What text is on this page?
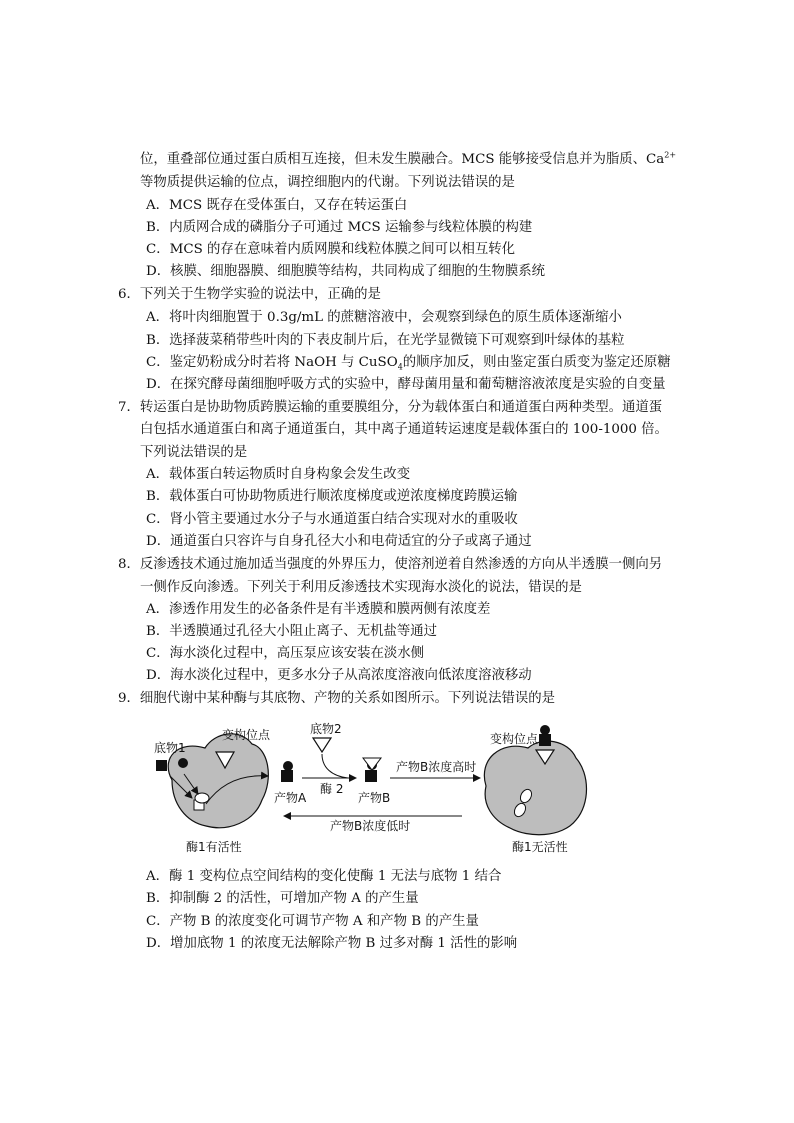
位，重叠部位通过蛋白质相互连接，但未发生膜融合。MCS 能够接受信息并为脂质、$Ca^{2+}$
等物质提供运输的位点，调控细胞内的代谢。下列说法错误的是
A．MCS 既存在受体蛋白，又存在转运蛋白
B．内质网合成的磷脂分子可通过 MCS 运输参与线粒体膜的构建
C．MCS 的存在意味着内质网膜和线粒体膜之间可以相互转化
D．核膜、细胞器膜、细胞膜等结构，共同构成了细胞的生物膜系统
6．下列关于生物学实验的说法中，正确的是
A．将叶肉细胞置于 0.3g/mL 的蔗糖溶液中，会观察到绿色的原生质体逐渐缩小
B．选择菠菜稍带些叶肉的下表皮制片后，在光学显微镜下可观察到叶绿体的基粒
C．鉴定奶粉成分时若将 NaOH 与 CuSO$_4$的顺序加反，则由鉴定蛋白质变为鉴定还原糖
D．在探究酵母菌细胞呼吸方式的实验中，酵母菌用量和葡萄糖溶液浓度是实验的自变量
7．转运蛋白是协助物质跨膜运输的重要膜组分，分为载体蛋白和通道蛋白两种类型。通道蛋
白包括水通道蛋白和离子通道蛋白，其中离子通道转运速度是载体蛋白的 100-1000 倍。
下列说法错误的是
A．载体蛋白转运物质时自身构象会发生改变
B．载体蛋白可协助物质进行顺浓度梯度或逆浓度梯度跨膜运输
C．肾小管主要通过水分子与水通道蛋白结合实现对水的重吸收
D．通道蛋白只容许与自身孔径大小和电荷适宜的分子或离子通过
8．反渗透技术通过施加适当强度的外界压力，使溶剂逆着自然渗透的方向从半透膜一侧向另
一侧作反向渗透。下列关于利用反渗透技术实现海水淡化的说法，错误的是
A．渗透作用发生的必备条件是有半透膜和膜两侧有浓度差
B．半透膜通过孔径大小阻止离子、无机盐等通过
C．海水淡化过程中，高压泵应该安装在淡水侧
D．海水淡化过程中，更多水分子从高浓度溶液向低浓度溶液移动
9．细胞代谢中某种酶与其底物、产物的关系如图所示。下列说法错误的是
底物1
变构位点
产物A
底物2
酶 2
产物B
产物B浓度高时
产物B浓度低时
变构位点
酶1有活性	酶1无活性
A．酶 1 变构位点空间结构的变化使酶 1 无法与底物 1 结合
B．抑制酶 2 的活性，可增加产物 A 的产生量
C．产物 B 的浓度变化可调节产物 A 和产物 B 的产生量
D．增加底物 1 的浓度无法解除产物 B 过多对酶 1 活性的影响
